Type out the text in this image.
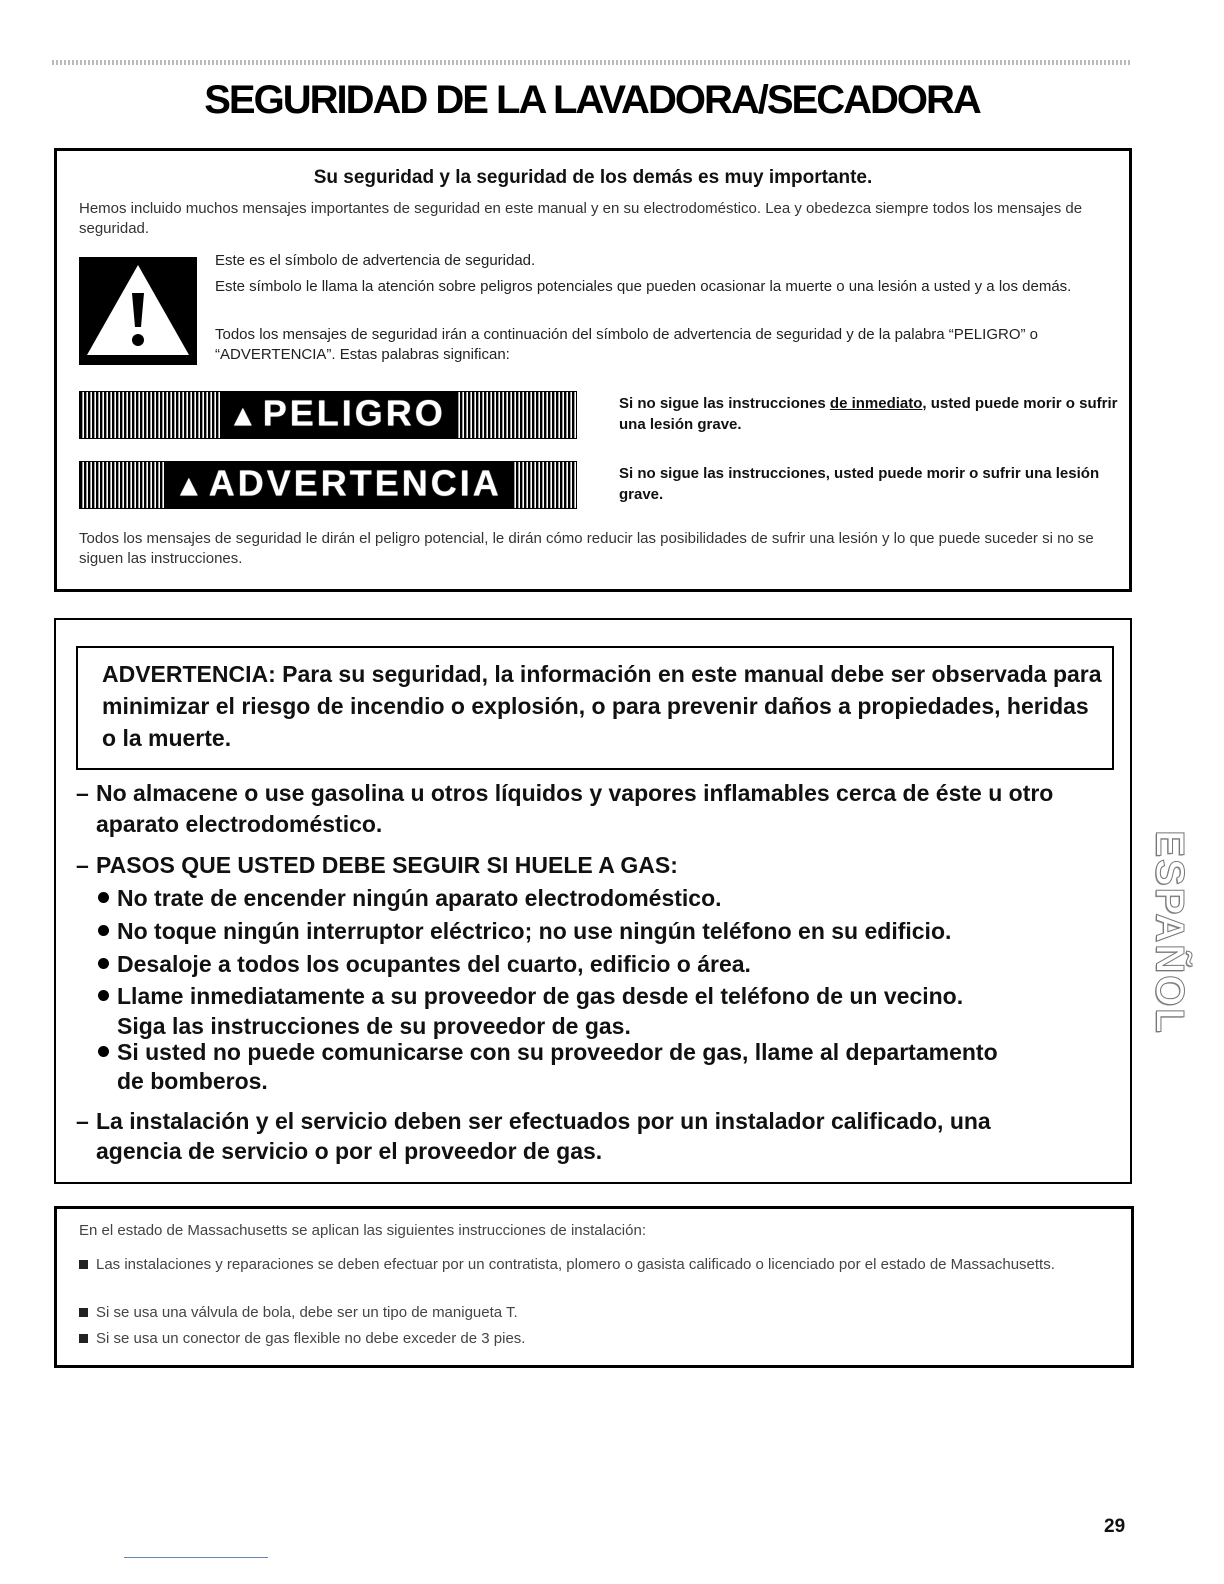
SEGURIDAD DE LA LAVADORA/SECADORA
Su seguridad y la seguridad de los demás es muy importante.
Hemos incluido muchos mensajes importantes de seguridad en este manual y en su electrodoméstico. Lea y obedezca siempre todos los mensajes de seguridad.
Este es el símbolo de advertencia de seguridad.
Este símbolo le llama la atención sobre peligros potenciales que pueden ocasionar la muerte o una lesión a usted y a los demás.
Todos los mensajes de seguridad irán a continuación del símbolo de advertencia de seguridad y de la palabra “PELIGRO” o “ADVERTENCIA”. Estas palabras significan:
▲PELIGRO	Si no sigue las instrucciones de inmediato, usted puede morir o sufrir una lesión grave.
▲ADVERTENCIA	Si no sigue las instrucciones, usted puede morir o sufrir una lesión grave.
Todos los mensajes de seguridad le dirán el peligro potencial, le dirán cómo reducir las posibilidades de sufrir una lesión y lo que puede suceder si no se siguen las instrucciones.

ADVERTENCIA: Para su seguridad, la información en este manual debe ser observada para minimizar el riesgo de incendio o explosión, o para prevenir daños a propiedades, heridas o la muerte.

– No almacene o use gasolina u otros líquidos y vapores inflamables cerca de éste u otro
aparato electrodoméstico.
– PASOS QUE USTED DEBE SEGUIR SI HUELE A GAS:
No trate de encender ningún aparato electrodoméstico.
No toque ningún interruptor eléctrico; no use ningún teléfono en su edificio.
Desaloje a todos los ocupantes del cuarto, edificio o área.
Llame inmediatamente a su proveedor de gas desde el teléfono de un vecino.
Siga las instrucciones de su proveedor de gas.
Si usted no puede comunicarse con su proveedor de gas, llame al departamento
de bomberos.
– La instalación y el servicio deben ser efectuados por un instalador calificado, una
agencia de servicio o por el proveedor de gas.
En el estado de Massachusetts se aplican las siguientes instrucciones de instalación:
Las instalaciones y reparaciones se deben efectuar por un contratista, plomero o gasista calificado o licenciado por el estado de Massachusetts.
Si se usa una válvula de bola, debe ser un tipo de manigueta T.
Si se usa un conector de gas flexible no debe exceder de 3 pies.
ESPAÑOL
29
